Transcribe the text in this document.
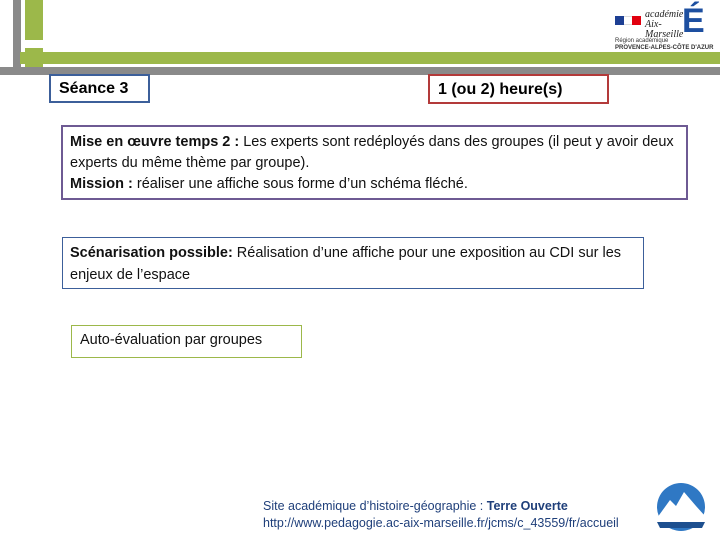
académie Aix-Marseille
É
Région académique
PROVENCE-ALPES-CÔTE D'AZUR
Séance 3	1 (ou 2) heure(s)
Mise en œuvre temps 2 : Les experts sont redéployés dans des groupes (il peut y avoir deux experts du même thème par groupe).
Mission : réaliser une affiche sous forme d’un schéma fléché.
Scénarisation possible: Réalisation d’une affiche pour une exposition au CDI sur les enjeux de l’espace
Auto-évaluation par groupes
Site académique d’histoire-géographie : Terre Ouverte
http://www.pedagogie.ac-aix-marseille.fr/jcms/c_43559/fr/accueil
